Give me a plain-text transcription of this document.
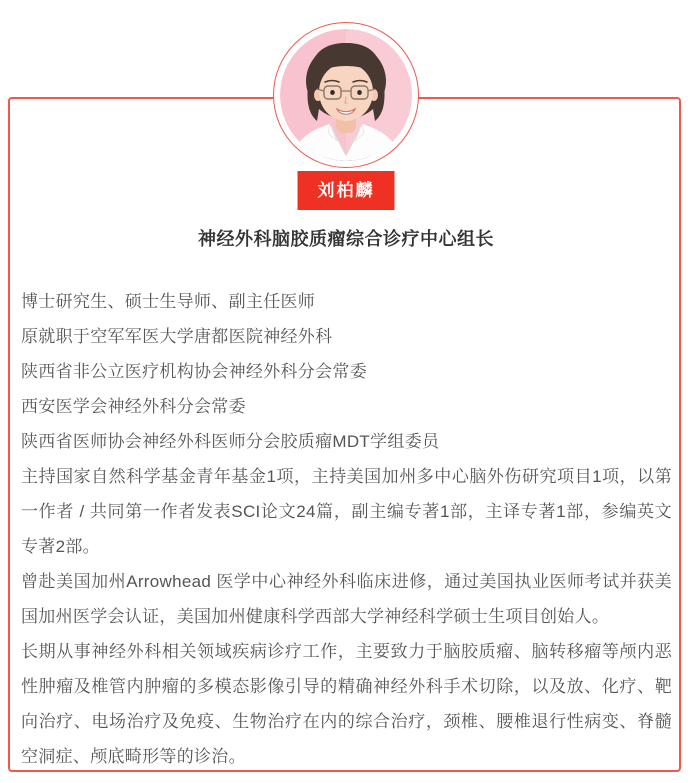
刘柏麟
神经外科脑胶质瘤综合诊疗中心组长

博士研究生、硕士生导师、副主任医师

原就职于空军军医大学唐都医院神经外科

陕西省非公立医疗机构协会神经外科分会常委

西安医学会神经外科分会常委

陕西省医师协会神经外科医师分会胶质瘤MDT学组委员

主持国家自然科学基金青年基金1项，主持美国加州多中心脑外伤研究项目1项，以第一作者 / 共同第一作者发表SCI论文24篇，副主编专著1部，主译专著1部，参编英文专著2部。

曾赴美国加州Arrowhead 医学中心神经外科临床进修，通过美国执业医师考试并获美国加州医学会认证，美国加州健康科学西部大学神经科学硕士生项目创始人。

长期从事神经外科相关领域疾病诊疗工作，主要致力于脑胶质瘤、脑转移瘤等颅内恶性肿瘤及椎管内肿瘤的多模态影像引导的精确神经外科手术切除，以及放、化疗、靶向治疗、电场治疗及免疫、生物治疗在内的综合治疗，颈椎、腰椎退行性病变、脊髓空洞症、颅底畸形等的诊治。
